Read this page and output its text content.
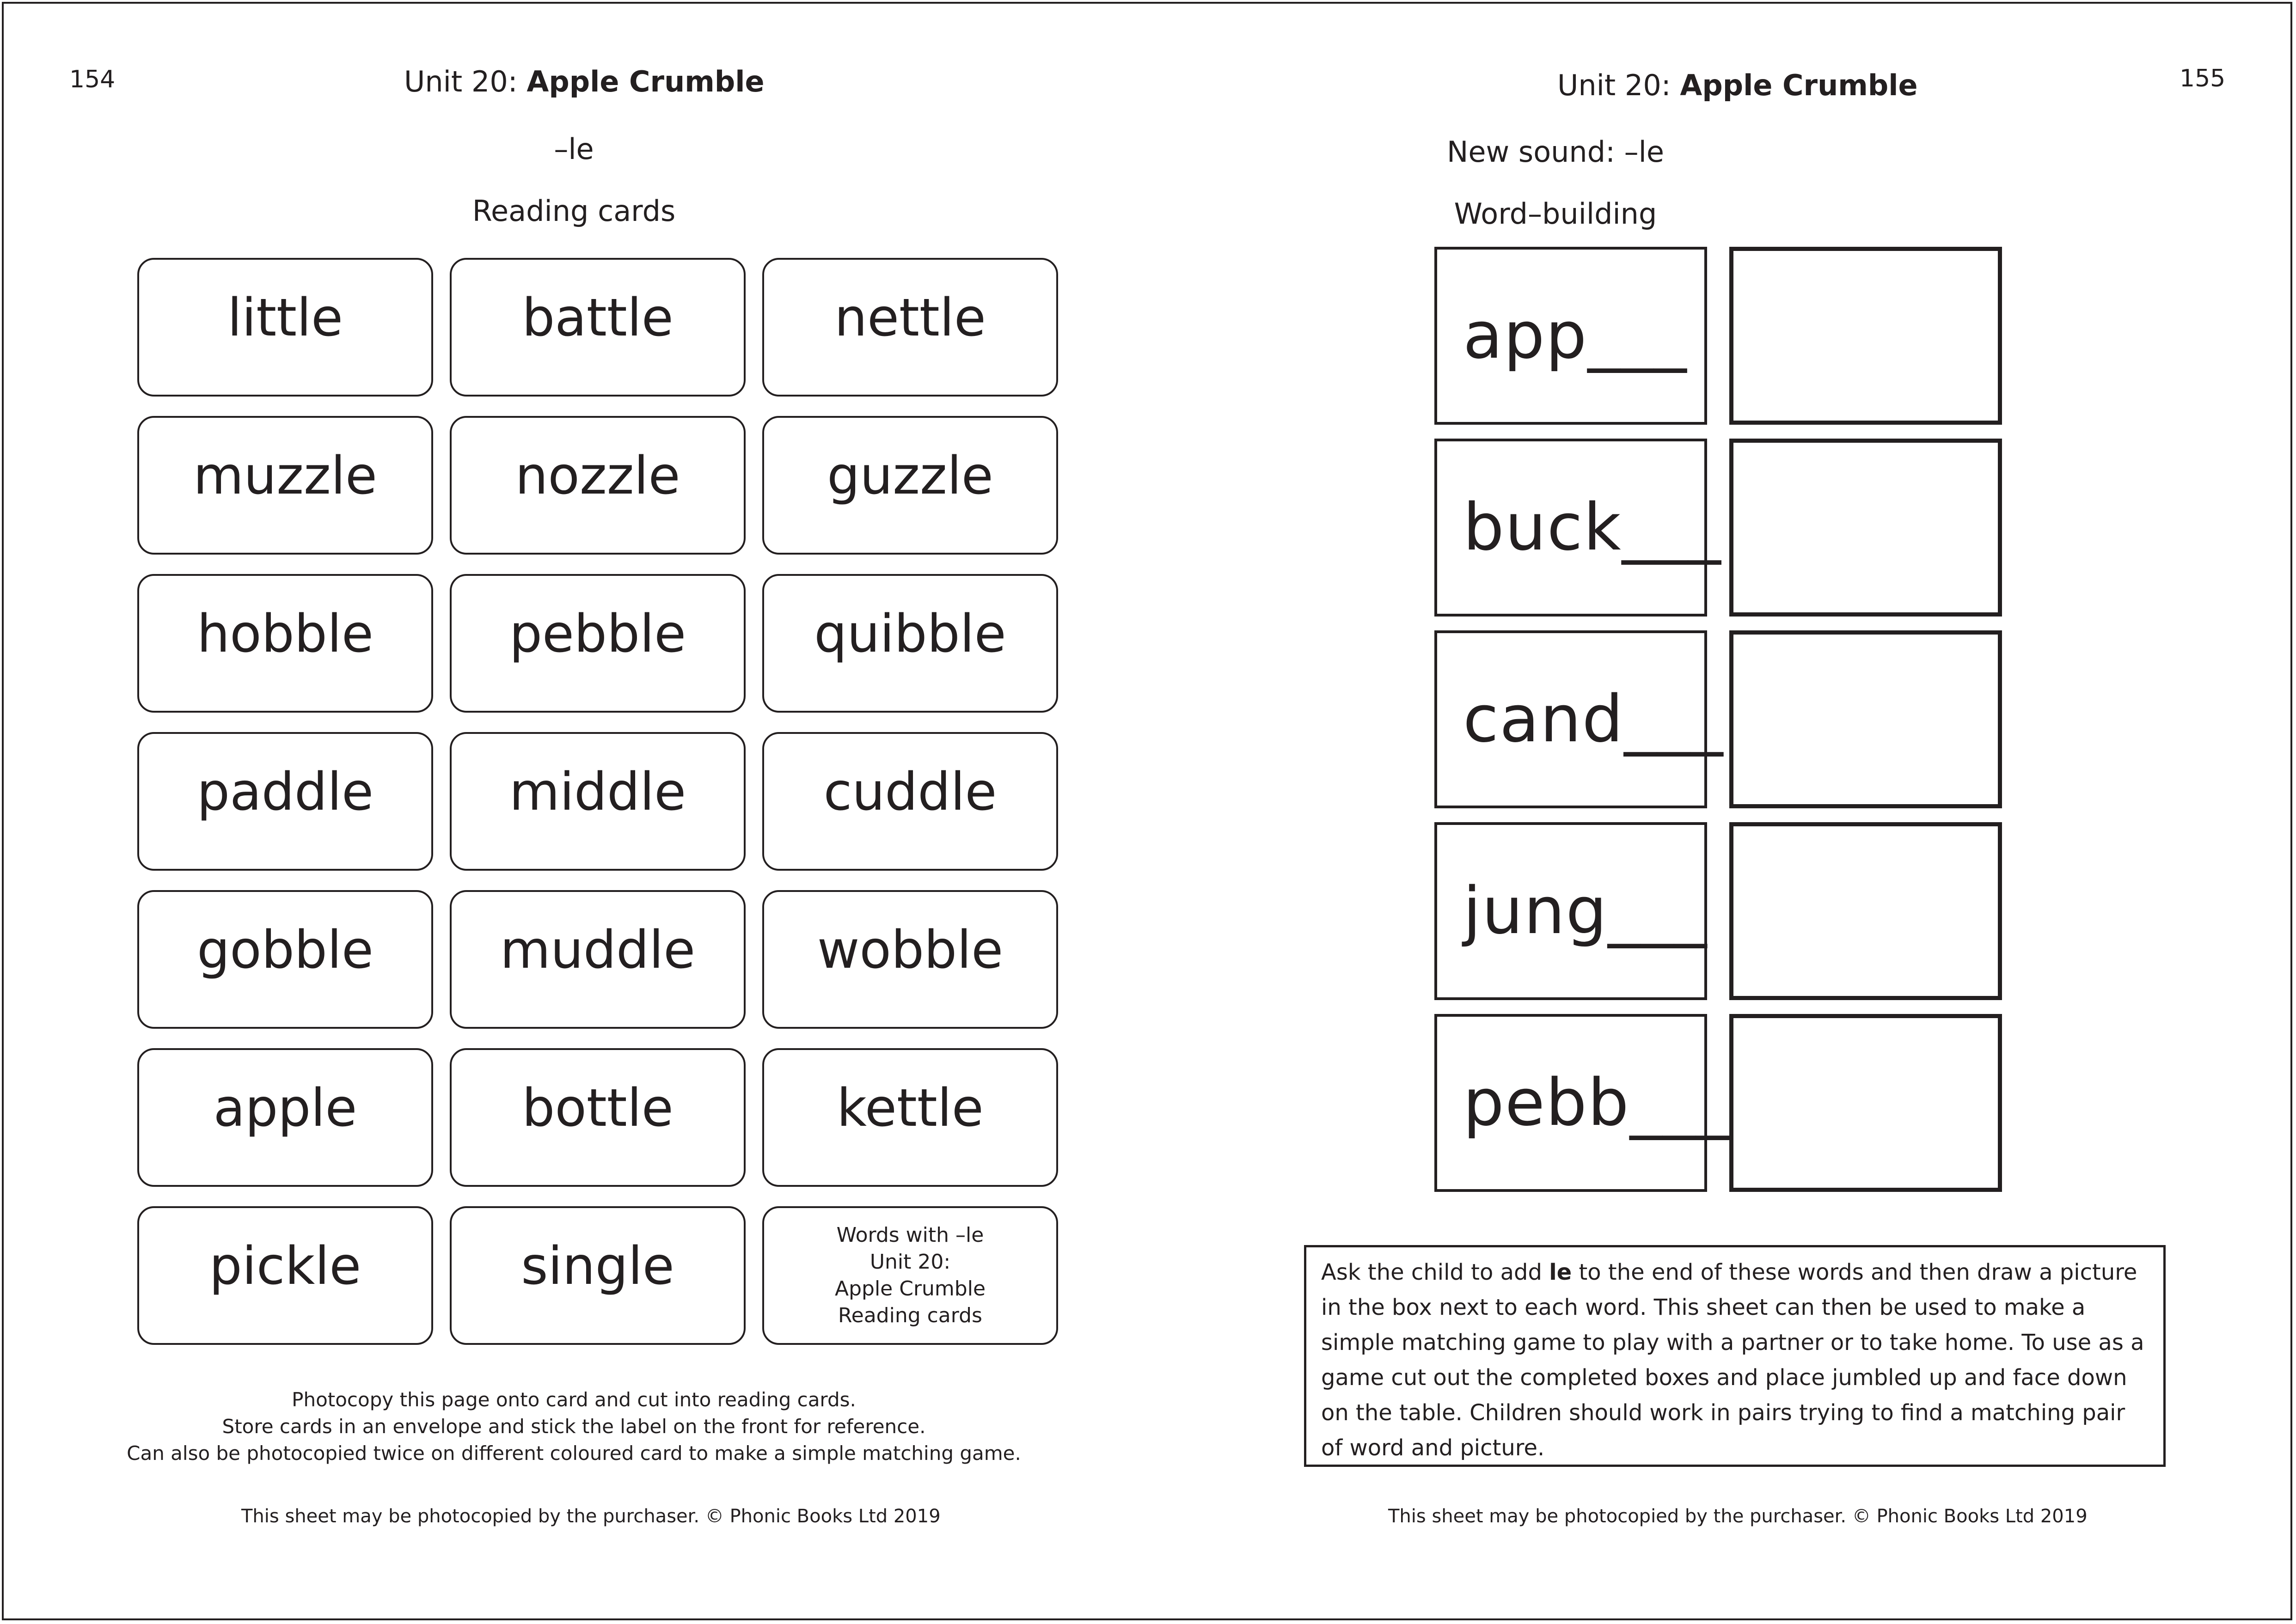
154	Unit 20: Apple Crumble
–le
Reading cards
little	battle	nettle
muzzle	nozzle	guzzle
hobble	pebble	quibble
paddle	middle	cuddle
gobble	muddle	wobble
apple	bottle	kettle
pickle	single
Words with –le
Unit 20:
Apple Crumble
Reading cards
Photocopy this page onto card and cut into reading cards.
Store cards in an envelope and stick the label on the front for reference.
Can also be photocopied twice on different coloured card to make a simple matching game.
This sheet may be photocopied by the purchaser. © Phonic Books Ltd 2019
Unit 20: Apple Crumble	155
New sound: –le
Word–building
app___
buck___
cand___
jung___
pebb___
Ask the child to add le to the end of these words and then draw a picture in the box next to each word. This sheet can then be used to make a simple matching game to play with a partner or to take home. To use as a game cut out the completed boxes and place jumbled up and face down on the table. Children should work in pairs trying to find a matching pair of word and picture.
This sheet may be photocopied by the purchaser. © Phonic Books Ltd 2019
